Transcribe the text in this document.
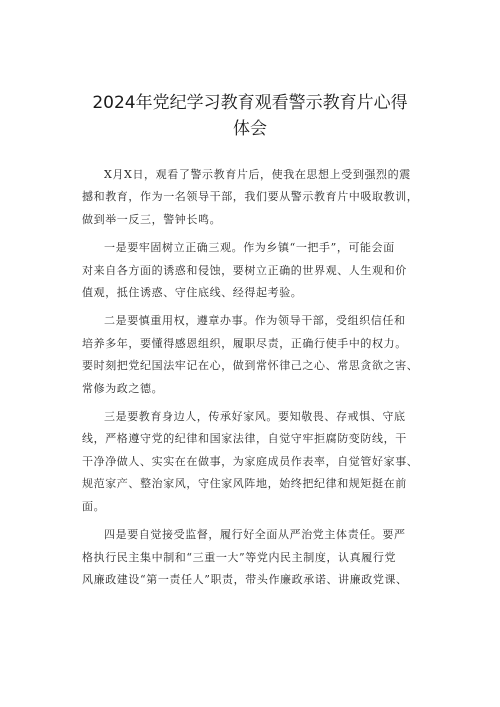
2024年党纪学习教育观看警示教育片心得
体会

X月X日，观看了警示教育片后，使我在思想上受到强烈的震
撼和教育，作为一名领导干部，我们要从警示教育片中吸取教训，
做到举一反三，警钟长鸣。

一是要牢固树立正确三观。作为乡镇“一把手”，可能会面
对来自各方面的诱惑和侵蚀，要树立正确的世界观、人生观和价
值观，抵住诱惑、守住底线、经得起考验。

二是要慎重用权，遵章办事。作为领导干部，受组织信任和
培养多年，要懂得感恩组织，履职尽责，正确行使手中的权力。
要时刻把党纪国法牢记在心，做到常怀律己之心、常思贪欲之害、
常修为政之德。

三是要教育身边人，传承好家风。要知敬畏、存戒惧、守底
线，严格遵守党的纪律和国家法律，自觉守牢拒腐防变防线，干
干净净做人、实实在在做事，为家庭成员作表率，自觉管好家事、
规范家产、整治家风，守住家风阵地，始终把纪律和规矩挺在前
面。

四是要自觉接受监督，履行好全面从严治党主体责任。要严
格执行民主集中制和“三重一大”等党内民主制度，认真履行党
风廉政建设“第一责任人”职责，带头作廉政承诺、讲廉政党课、
